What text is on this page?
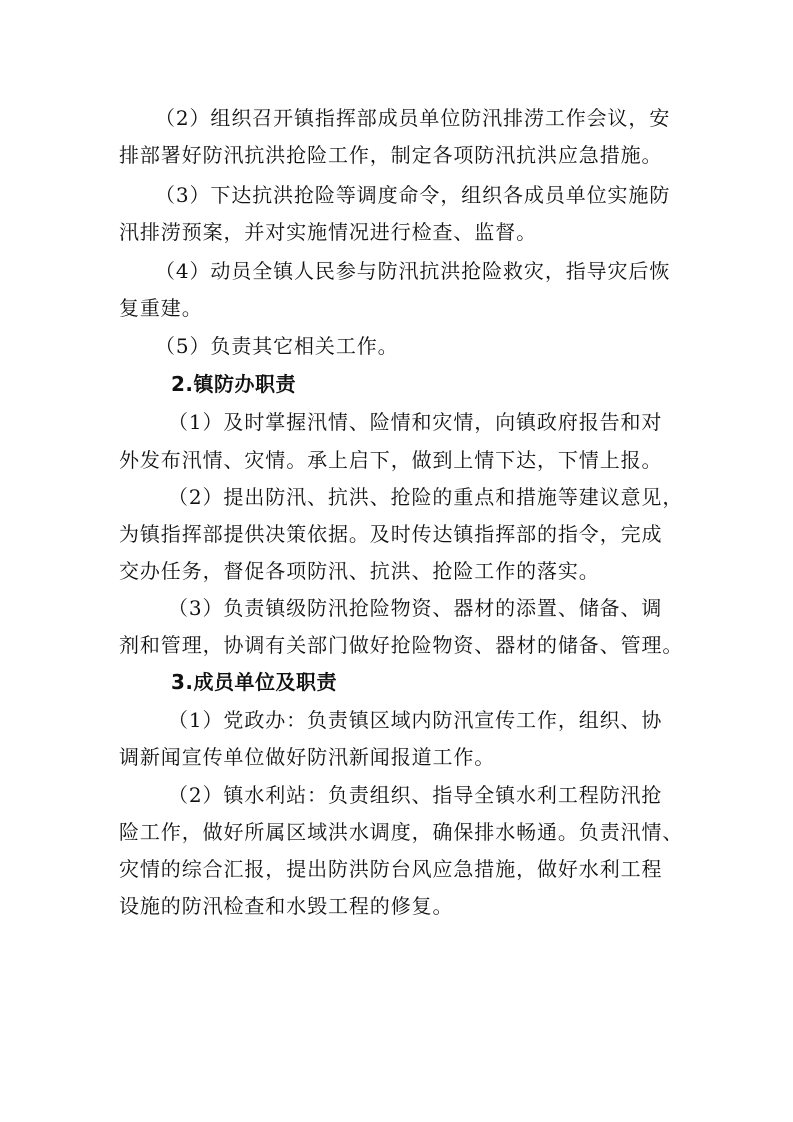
（2）组织召开镇指挥部成员单位防汛排涝工作会议，安
排部署好防汛抗洪抢险工作，制定各项防汛抗洪应急措施。
（3）下达抗洪抢险等调度命令，组织各成员单位实施防
汛排涝预案，并对实施情况进行检查、监督。
（4）动员全镇人民参与防汛抗洪抢险救灾，指导灾后恢
复重建。
（5）负责其它相关工作。
2.镇防办职责
（1）及时掌握汛情、险情和灾情，向镇政府报告和对
外发布汛情、灾情。承上启下，做到上情下达，下情上报。
（2）提出防汛、抗洪、抢险的重点和措施等建议意见，
为镇指挥部提供决策依据。及时传达镇指挥部的指令，完成
交办任务，督促各项防汛、抗洪、抢险工作的落实。
（3）负责镇级防汛抢险物资、器材的添置、储备、调
剂和管理，协调有关部门做好抢险物资、器材的储备、管理。
3.成员单位及职责
（1）党政办：负责镇区域内防汛宣传工作，组织、协
调新闻宣传单位做好防汛新闻报道工作。
（2）镇水利站：负责组织、指导全镇水利工程防汛抢
险工作，做好所属区域洪水调度，确保排水畅通。负责汛情、
灾情的综合汇报，提出防洪防台风应急措施，做好水利工程
设施的防汛检查和水毁工程的修复。
